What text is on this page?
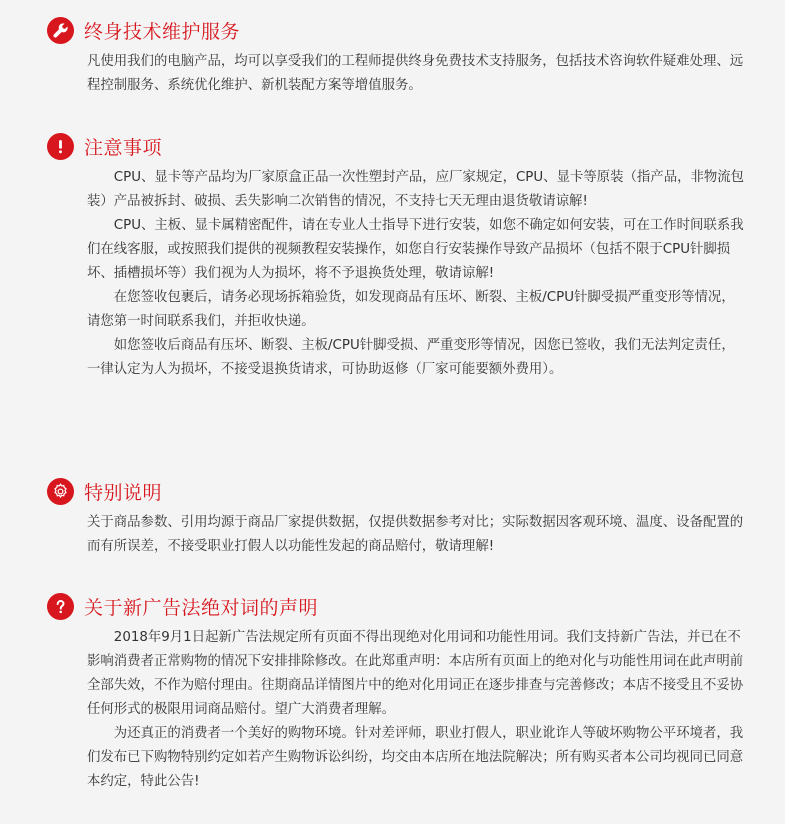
终身技术维护服务

凡使用我们的电脑产品，均可以享受我们的工程师提供终身免费技术支持服务，包括技术咨询软件疑难处理、远程控制服务、系统优化维护、新机装配方案等增值服务。

注意事项

CPU、显卡等产品均为厂家原盒正品一次性塑封产品，应厂家规定，CPU、显卡等原装（指产品，非物流包装）产品被拆封、破损、丢失影响二次销售的情况，不支持七天无理由退货敬请谅解!

CPU、主板、显卡属精密配件，请在专业人士指导下进行安装，如您不确定如何安装，可在工作时间联系我们在线客服，或按照我们提供的视频教程安装操作，如您自行安装操作导致产品损坏（包括不限于CPU针脚损坏、插槽损坏等）我们视为人为损坏，将不予退换货处理，敬请谅解!

在您签收包裹后，请务必现场拆箱验货，如发现商品有压坏、断裂、主板/CPU针脚受损严重变形等情况，请您第一时间联系我们，并拒收快递。

如您签收后商品有压坏、断裂、主板/CPU针脚受损、严重变形等情况，因您已签收，我们无法判定责任，一律认定为人为损坏，不接受退换货请求，可协助返修（厂家可能要额外费用）。

特别说明

关于商品参数、引用均源于商品厂家提供数据，仅提供数据参考对比；实际数据因客观环境、温度、设备配置的而有所误差，不接受职业打假人以功能性发起的商品赔付，敬请理解!

关于新广告法绝对词的声明

2018年9月1日起新广告法规定所有页面不得出现绝对化用词和功能性用词。我们支持新广告法，并已在不影响消费者正常购物的情况下安排排除修改。在此郑重声明：本店所有页面上的绝对化与功能性用词在此声明前全部失效，不作为赔付理由。往期商品详情图片中的绝对化用词正在逐步排查与完善修改；本店不接受且不妥协任何形式的极限用词商品赔付。望广大消费者理解。

为还真正的消费者一个美好的购物环境。针对差评师，职业打假人，职业讹诈人等破坏购物公平环境者，我们发布已下购物特别约定如若产生购物诉讼纠纷，均交由本店所在地法院解决；所有购买者本公司均视同已同意本约定，特此公告!
